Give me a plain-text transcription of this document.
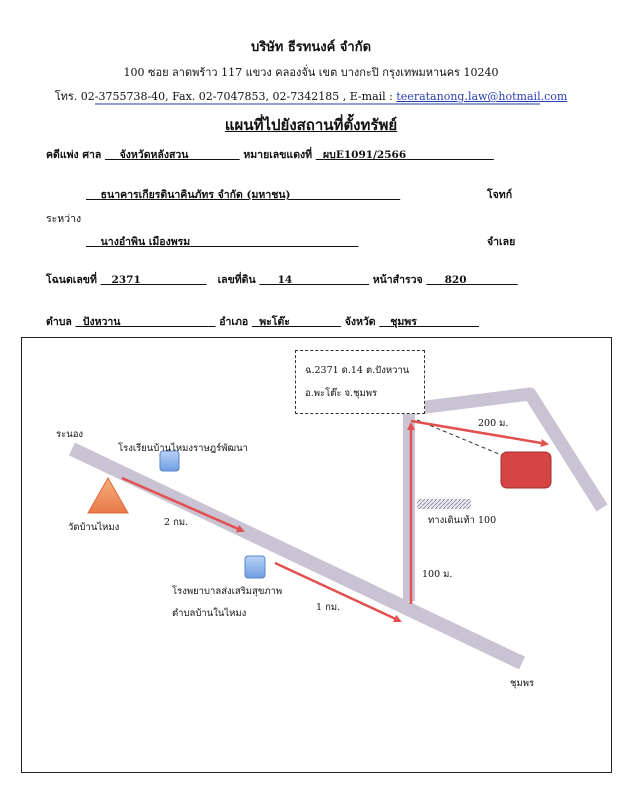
บริษัท ธีรทนงค์ จำกัด
100 ซอย ลาดพร้าว 117 แขวง คลองจั่น เขต บางกะปิ กรุงเทพมหานคร 10240
โทร. 02-3755738-40, Fax. 02-7047853, 02-7342185 , E-mail : teeratanong.law@hotmail.com
แผนที่ไปยังสถานที่ตั้งทรัพย์
คดีแพ่ง ศาล จังหวัดหลังสวน	หมายเลขแดงที่ ผบE1091/2566
ธนาคารเกียรตินาคินภัทร จำกัด (มหาชน)	โจทก์
ระหว่าง
นางอำพิน เมืองพรม	จำเลย
โฉนดเลขที่ 2371	เลขที่ดิน 14	หน้าสำรวจ 820
ตำบล ปังหวาน	อำเภอ พะโต๊ะ	จังหวัด ชุมพร
ฉ.2371 ด.14 ต.ปังหวาน
อ.พะโต๊ะ จ.ชุมพร
ระนอง
โรงเรียนบ้านไหมงราษฎร์พัฒนา
วัดบ้านไหมง	2 กม.
โรงพยาบาลส่งเสริมสุขภาพ
ตำบลบ้านในไหมง
1 กม.
100 ม.
200 ม.
ทางเดินเท้า 100
ชุมพร
